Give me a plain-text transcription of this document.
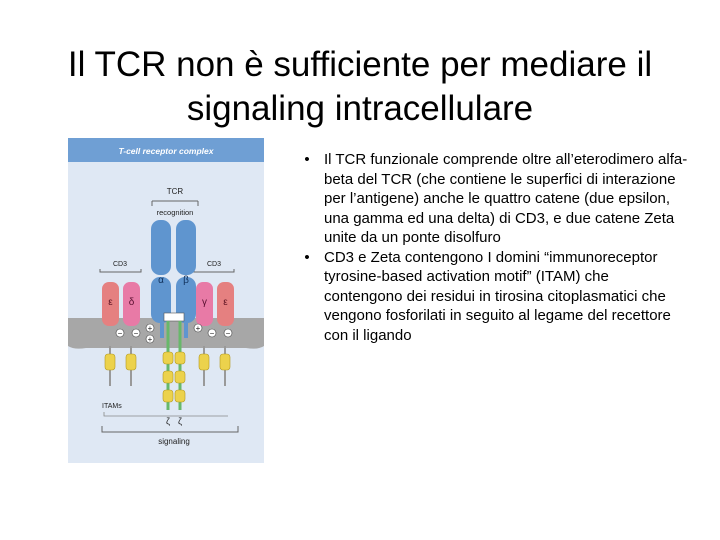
Il TCR non è sufficiente per mediare il
signaling intracellulare
T-cell receptor complex
TCR
recognition
CD3	CD3
α β
ε δ	γ ε
− −
+
+
+
− −
ζ ζ
ITAMs
signaling
• Il TCR funzionale comprende oltre all’eterodimero alfa-beta del TCR (che contiene le superfici di interazione per l’antigene) anche le quattro catene (due epsilon, una gamma ed una delta) di CD3, e due catene Zeta unite da un ponte disolfuro
• CD3 e Zeta contengono I domini “immunoreceptor tyrosine-based activation motif” (ITAM) che contengono dei residui in tirosina citoplasmatici che vengono fosforilati in seguito al legame del recettore con il ligando
